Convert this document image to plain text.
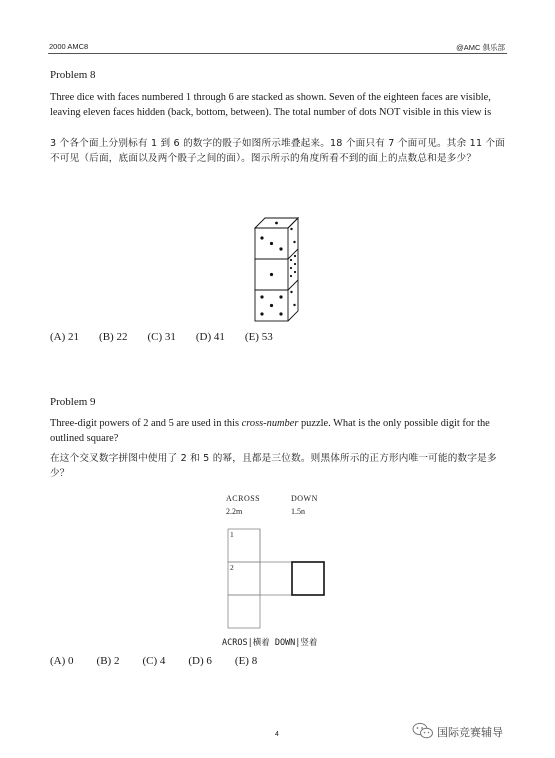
2000 AMC8	@AMC 俱乐部
Problem 8
Three dice with faces numbered 1 through 6 are stacked as shown. Seven of the eighteen faces are visible, leaving eleven faces hidden (back, bottom, between). The total number of dots NOT visible in this view is
3 个各个面上分别标有 1 到 6 的数字的骰子如图所示堆叠起来。18 个面只有 7 个面可见。其余 11 个面不可见（后面，底面以及两个骰子之间的面）。图示所示的角度所看不到的面上的点数总和是多少？
(A) 21 (B) 22 (C) 31 (D) 41 (E) 53
Problem 9
Three-digit powers of 2 and 5 are used in this cross-number puzzle. What is the only possible digit for the outlined square?
在这个交叉数字拼图中使用了 2 和 5 的幂，且都是三位数。则黑体所示的正方形内唯一可能的数字是多少？
ACROSS	DOWN
2.2m	1.5n
1
2
ACROS|横着 DOWN|竖着
(A) 0 (B) 2 (C) 4 (D) 6 (E) 8
4	国际竞赛辅导
